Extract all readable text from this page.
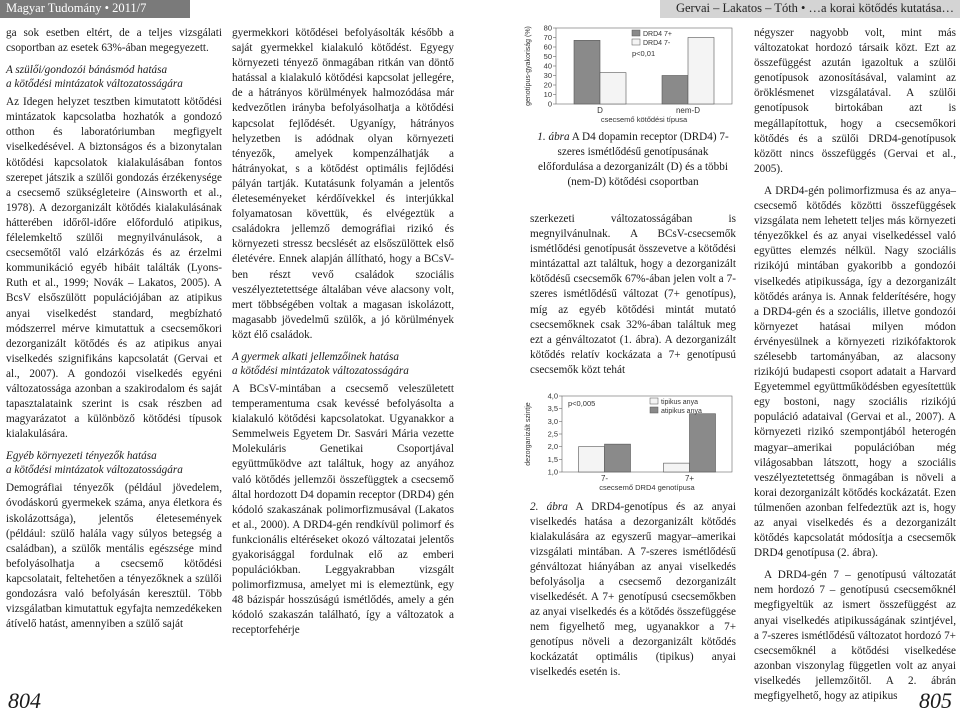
Magyar Tudomány • 2011/7	Gervai – Lakatos – Tóth • …a korai kötődés kutatása…

ga sok esetben eltért, de a teljes vizsgálati csoportban az esetek 63%-ában megegyezett.

A szülői/gondozói bánásmód hatása
a kötődési mintázatok változatosságára

Az Idegen helyzet tesztben kimutatott kötődési mintázatok kapcsolatba hozhatók a gondozó otthon és laboratóriumban megfigyelt viselkedésével. A biztonságos és a bizonytalan kötődési kapcsolatok kialakulásában fontos szerepet játszik a szülői gondozás érzékenysége a csecsemő szükségleteire (Ainsworth et al., 1978). A dezorganizált kötődés kialakulásának hátterében időről-időre előforduló atipikus, félelemkeltő szülői megnyilvánulások, a csecsemőtől való elzárkózás és az érzelmi kommunikáció egyéb hibáit találták (Lyons-Ruth et al., 1999; Novák – Lakatos, 2005). A BcsV elsőszülött populációjában az atipikus anyai viselkedést standard, megbízható módszerrel mérve kimutattuk a csecsemőkori dezorganizált kötődés és az atipikus anyai viselkedés szignifikáns kapcsolatát (Gervai et al., 2007). A gondozói viselkedés egyéni változatossága azonban a szakirodalom és saját tapasztalataink szerint is csak részben ad magyarázatot a különböző kötődési típusok kialakulására.

Egyéb környezeti tényezők hatása
a kötődési mintázatok változatosságára

Demográfiai tényezők (például jövedelem, óvodáskorú gyermekek száma, anya életkora és iskolázottsága), jelentős életesemények (például: szülő halála vagy súlyos betegség a családban), a szülők mentális egészsége mind befolyásolhatja a csecsemő kötődési kapcsolatait, feltehetően a tényezőknek a szülői gondozásra való befolyásán keresztül. Több vizsgálatban kimutattuk egyfajta nemzedékeken átívelő hatást, amennyiben a szülő saját

gyermekkori kötődései befolyásolták később a saját gyermekkel kialakuló kötődést. Egyegy környezeti tényező önmagában ritkán van döntő hatással a kialakuló kötődési kapcsolat jellegére, de a hátrányos körülmények halmozódása már kedvezőtlen irányba befolyásolhatja a kötődési kapcsolat fejlődését. Ugyanígy, hátrányos helyzetben is adódnak olyan környezeti tényezők, amelyek kompenzálhatják a hátrányokat, s a kötődést optimális fejlődési pályán tartják. Kutatásunk folyamán a jelentős életeseményeket kérdőívekkel és interjúkkal folyamatosan követtük, és elvégeztük a családokra jellemző demográfiai rizikó és környezeti stressz becslését az elsőszülöttek első életévére. Ennek alapján állítható, hogy a BCsV-ben részt vevő családok szociális veszélyeztetettsége általában véve alacsony volt, mert többségében voltak a magasan iskolázott, magasabb jövedelmű szülők, a jó körülmények közt élő családok.

A gyermek alkati jellemzőinek hatása
a kötődési mintázatok változatosságára

A BCsV-mintában a csecsemő veleszületett temperamentuma csak kevéssé befolyásolta a kialakuló kötődési kapcsolatokat. Ugyanakkor a Semmelweis Egyetem Dr. Sasvári Mária vezette Molekuláris Genetikai Csoportjával együttműködve azt találtuk, hogy az anyához való kötődés jellemzői összefüggtek a csecsemő által hordozott D4 dopamin receptor (DRD4) gén kódoló szakaszának polimorfizmusával (Lakatos et al., 2000). A DRD4-gén rendkívül polimorf és funkcionális eltéréseket okozó változatai jelentős gyakorisággal fordulnak elő az emberi populációkban. Leggyakrabban vizsgált polimorfizmusa, amelyet mi is elemeztünk, egy 48 bázispár hosszúságú ismétlődés, amely a gén kódoló szakaszán található, így a változatok a receptorfehérje

genotípus-gyakoriság (%) 0
10
20
30
40
50
60
70
80
D	nem-D
csecsemő kötődési típusa
p<0,01
DRD4 7+
DRD4 7-
1. ábra A D4 dopamin receptor (DRD4) 7-szeres ismétlődésű genotípusának előfordulása a dezorganizált (D) és a többi (nem-D) kötődési csoportban

szerkezeti változatosságában is megnyilvánulnak. A BCsV-csecsemők ismétlődési genotípusát összevetve a kötődési mintázattal azt találtuk, hogy a dezorganizált kötődésű csecsemők 67%-ában jelen volt a 7-szeres ismétlődésű változat (7+ genotípus), míg az egyéb kötődési mintát mutató csecsemőknek csak 32%-ában találtuk meg ezt a génváltozatot (1. ábra). A dezorganizált kötődés relatív kockázata a 7+ genotípusú csecsemők közt tehát

dezorganizált szintje
1,0
1,5
2,0
2,5
3,0
3,5
4,0
7-	7+
csecsemő DRD4 genotípusa
p<0,005	tipikus anya
atipikus anya
2. ábra A DRD4-genotípus és az anyai viselkedés hatása a dezorganizált kötődés kialakulására az egyszerű magyar–amerikai vizsgálati mintában. A 7-szeres ismétlődésű génváltozat hiányában az anyai viselkedés befolyásolja a csecsemő dezorganizált viselkedését. A 7+ genotípusú csecsemőkben az anyai viselkedés és a kötődés összefüggése nem figyelhető meg, ugyanakkor a 7+ genotípus növeli a dezorganizált kötődés kockázatát optimális (tipikus) anyai viselkedés esetén is.

négyszer nagyobb volt, mint más változatokat hordozó társaik közt. Ezt az összefüggést azután igazoltuk a szülői genotípusok azonosításával, valamint az öröklésmenet vizsgálatával. A szülői genotípusok birtokában azt is megállapítottuk, hogy a csecsemőkori kötődés és a szülői DRD4-genotípusok között nincs összefüggés (Gervai et al., 2005).

A DRD4-gén polimorfizmusa és az anya–csecsemő kötődés közötti összefüggések vizsgálata nem lehetett teljes más környezeti tényezőkkel és az anyai viselkedéssel való együttes elemzés nélkül. Nagy szociális rizikójú mintában gyakoribb a gondozói viselkedés atipikussága, így a dezorganizált kötődés aránya is. Annak felderítésére, hogy a DRD4-gén és a szociális, illetve gondozói környezet hatásai milyen módon érvényesülnek a környezeti rizikófaktorok szélesebb tartományában, az alacsony rizikójú budapesti csoport adatait a Harvard Egyetemmel együttműködésben egyesítettük egy bostoni, nagy szociális rizikójú populáció adataival (Gervai et al., 2007). A környezeti rizikó szempontjából heterogén magyar–amerikai populációban még világosabban látszott, hogy a szociális veszélyeztetettség önmagában is növeli a korai dezorganizált kötődés kockázatát. Ezen túlmenően azonban felfedeztük azt is, hogy az anyai viselkedés és a dezorganizált kötődés kapcsolatát módosítja a csecsemők DRD4 genotípusa (2. ábra).

A DRD4-gén 7 – genotípusú változatát nem hordozó 7 – genotípusú csecsemőknél megfigyeltük az ismert összefüggést az anyai viselkedés atipikusságának szintjével, a 7-szeres ismétlődésű változatot hordozó 7+ csecsemőknél a kötődési viselkedése azonban viszonylag független volt az anyai viselkedés jellemzőitől. A 2. ábrán megfigyelhető, hogy az atipikus

804	805
